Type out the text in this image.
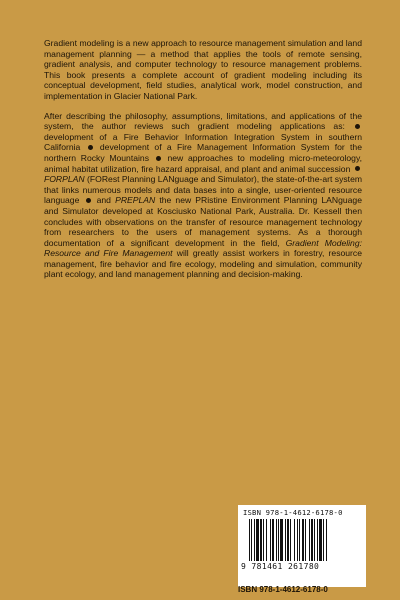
Gradient modeling is a new approach to resource management simulation and land management planning — a method that applies the tools of remote sensing, gradient analysis, and computer technology to resource management problems. This book presents a complete account of gradient modeling including its conceptual development, field studies, analytical work, model construction, and implementation in Glacier National Park.

After describing the philosophy, assumptions, limitations, and applications of the system, the author reviews such gradient modeling applications as:  development of a Fire Behavior Information Integration System in southern California development of a Fire Management Information System for the northern Rocky Mountains new approaches to modeling micro-meteorology, animal habitat utilization, fire hazard appraisal, and plant and animal succession  FORPLAN (FORest Planning LANguage and Simulator), the state-of-the-art system that links numerous models and data bases into a single, user-oriented resource language and PREPLAN the new PRistine Environment Planning LANguage and Simulator developed at Kosciusko National Park, Australia. Dr. Kessell then concludes with observations on the transfer of resource management technology from researchers to the users of management systems. As a thorough documentation of a significant development in the field, Gradient Modeling: Resource and Fire Management will greatly assist workers in forestry, resource management, fire behavior and fire ecology, modeling and simulation, community plant ecology, and land management planning and decision-making.

ISBN 978-1-4612-6178-0
9 781461 261780
ISBN 978-1-4612-6178-0
